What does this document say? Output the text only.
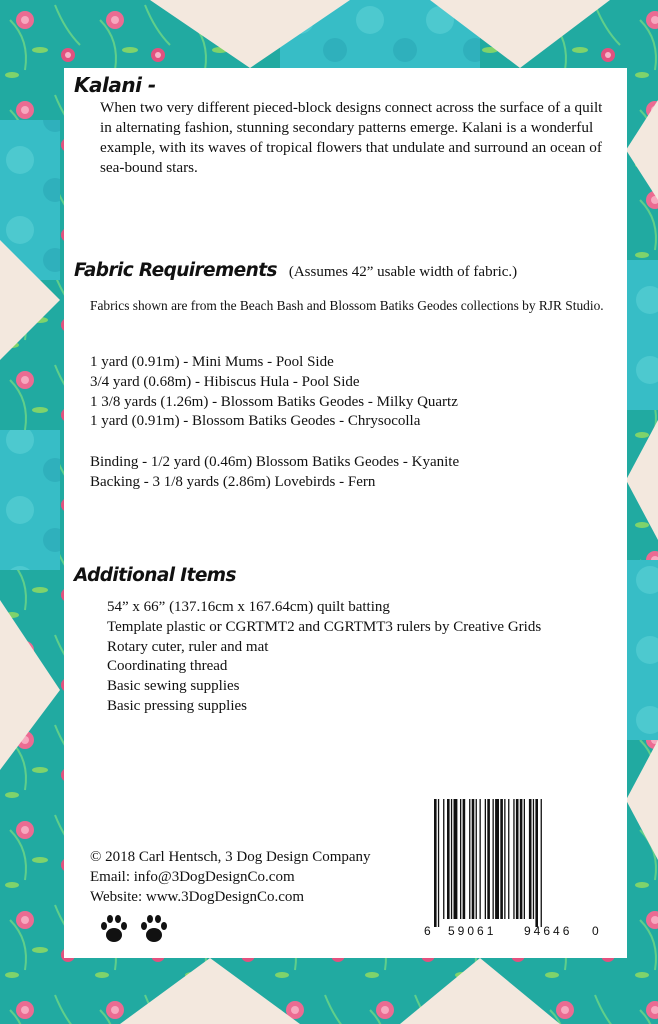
Kalani -
When two very different pieced-block designs connect across the surface of a quilt in alternating fashion, stunning secondary patterns emerge. Kalani is a wonderful example, with its waves of tropical flowers that undulate and surround an ocean of sea-bound stars.
Fabric Requirements (Assumes 42” usable width of fabric.)
Fabrics shown are from the Beach Bash and Blossom Batiks Geodes collections by RJR Studio.
1 yard (0.91m) - Mini Mums - Pool Side
3/4 yard (0.68m) - Hibiscus Hula - Pool Side
1 3/8 yards (1.26m) - Blossom Batiks Geodes - Milky Quartz
1 yard (0.91m) - Blossom Batiks Geodes - Chrysocolla
Binding - 1/2 yard (0.46m) Blossom Batiks Geodes - Kyanite
Backing - 3 1/8 yards (2.86m) Lovebirds - Fern
Additional Items
54” x 66” (137.16cm x 167.64cm) quilt batting
Template plastic or CGRTMT2 and CGRTMT3 rulers by Creative Grids
Rotary cuter, ruler and mat
Coordinating thread
Basic sewing supplies
Basic pressing supplies
© 2018 Carl Hentsch, 3 Dog Design Company
Email: info@3DogDesignCo.com
Website: www.3DogDesignCo.com
6 59061 94646 0
